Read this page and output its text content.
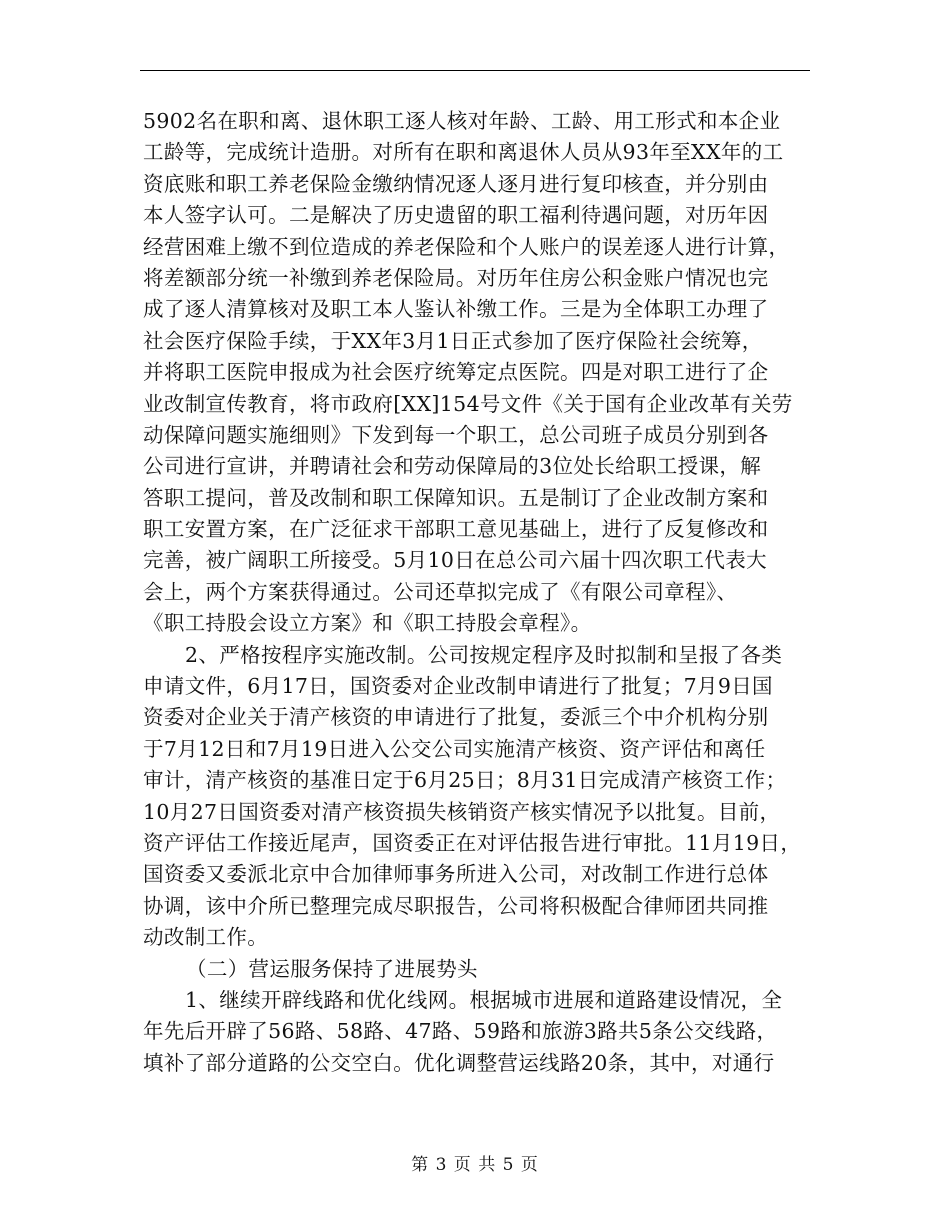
5902名在职和离、退休职工逐人核对年龄、工龄、用工形式和本企业
工龄等，完成统计造册。对所有在职和离退休人员从93年至XX年的工
资底账和职工养老保险金缴纳情况逐人逐月进行复印核查，并分别由
本人签字认可。二是解决了历史遗留的职工福利待遇问题，对历年因
经营困难上缴不到位造成的养老保险和个人账户的误差逐人进行计算，
将差额部分统一补缴到养老保险局。对历年住房公积金账户情况也完
成了逐人清算核对及职工本人鉴认补缴工作。三是为全体职工办理了
社会医疗保险手续，于XX年3月1日正式参加了医疗保险社会统筹，
并将职工医院申报成为社会医疗统筹定点医院。四是对职工进行了企
业改制宣传教育，将市政府[XX]154号文件《关于国有企业改革有关劳
动保障问题实施细则》下发到每一个职工，总公司班子成员分别到各
公司进行宣讲，并聘请社会和劳动保障局的3位处长给职工授课，解
答职工提问，普及改制和职工保障知识。五是制订了企业改制方案和
职工安置方案，在广泛征求干部职工意见基础上，进行了反复修改和
完善，被广阔职工所接受。5月10日在总公司六届十四次职工代表大
会上，两个方案获得通过。公司还草拟完成了《有限公司章程》、
《职工持股会设立方案》和《职工持股会章程》。
2、严格按程序实施改制。公司按规定程序及时拟制和呈报了各类
申请文件，6月17日，国资委对企业改制申请进行了批复；7月9日国
资委对企业关于清产核资的申请进行了批复，委派三个中介机构分别
于7月12日和7月19日进入公交公司实施清产核资、资产评估和离任
审计，清产核资的基准日定于6月25日；8月31日完成清产核资工作；
10月27日国资委对清产核资损失核销资产核实情况予以批复。目前，
资产评估工作接近尾声，国资委正在对评估报告进行审批。11月19日，
国资委又委派北京中合加律师事务所进入公司，对改制工作进行总体
协调，该中介所已整理完成尽职报告，公司将积极配合律师团共同推
动改制工作。
（二）营运服务保持了进展势头
1、继续开辟线路和优化线网。根据城市进展和道路建设情况，全
年先后开辟了56路、58路、47路、59路和旅游3路共5条公交线路，
填补了部分道路的公交空白。优化调整营运线路20条，其中，对通行
第 3 页 共 5 页
